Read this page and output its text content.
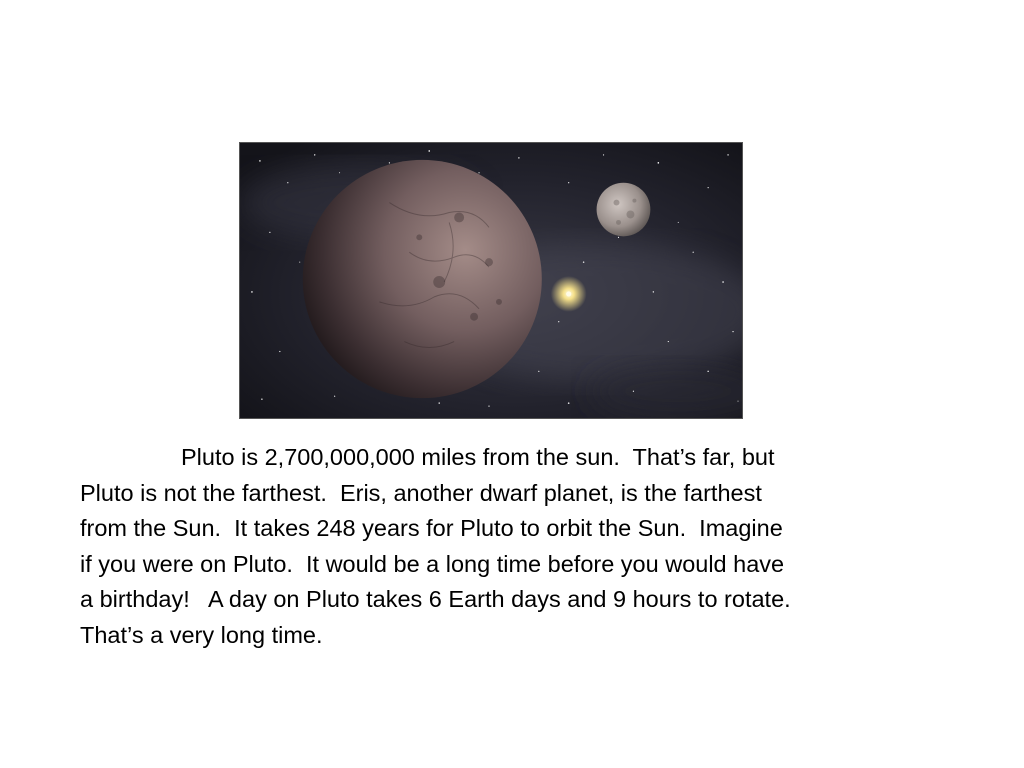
Pluto is 2,700,000,000 miles from the sun.  That’s far, but
Pluto is not the farthest.  Eris, another dwarf planet, is the farthest
from the Sun.  It takes 248 years for Pluto to orbit the Sun.  Imagine
if you were on Pluto.  It would be a long time before you would have
a birthday!   A day on Pluto takes 6 Earth days and 9 hours to rotate.
That’s a very long time.
